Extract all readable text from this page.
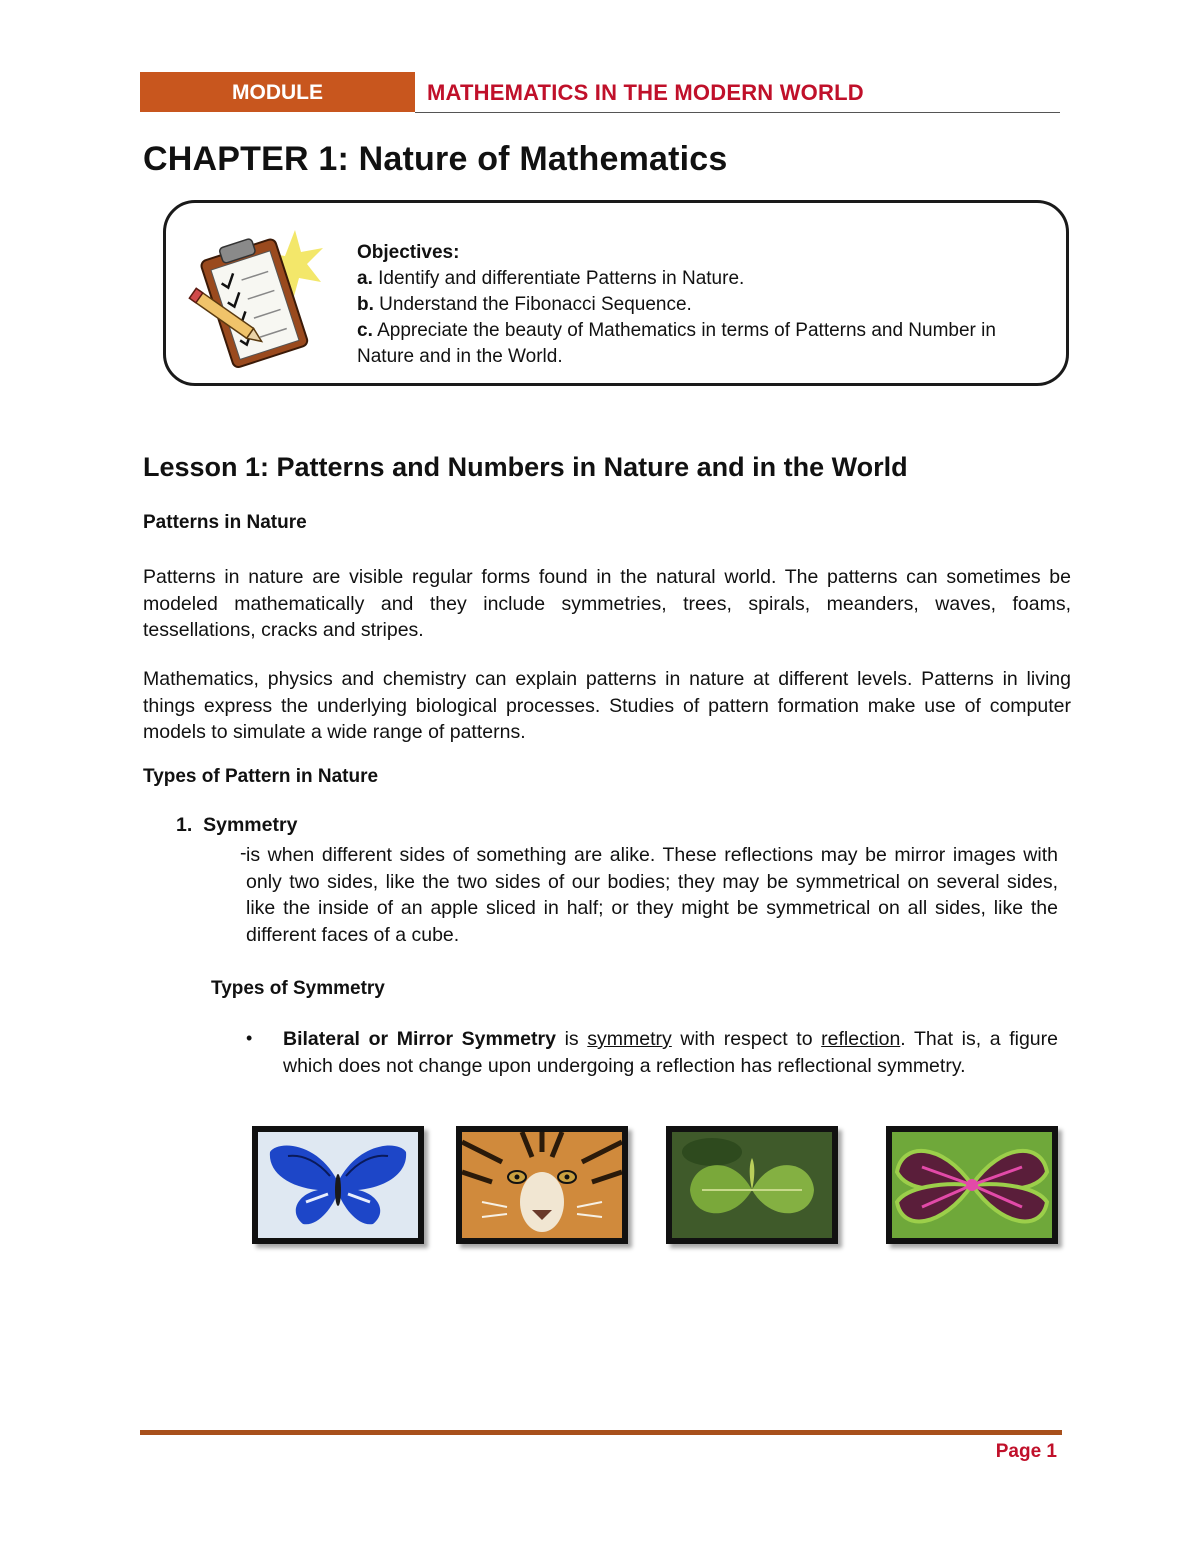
MODULE	MATHEMATICS IN THE MODERN WORLD
CHAPTER 1: Nature of Mathematics
Objectives:
a. Identify and differentiate Patterns in Nature.
b. Understand the Fibonacci Sequence.
c. Appreciate the beauty of Mathematics in terms of Patterns and Number in Nature and in the World.
Lesson 1: Patterns and Numbers in Nature and in the World
Patterns in Nature

Patterns in nature are visible regular forms found in the natural world. The patterns can sometimes be modeled mathematically and they include symmetries, trees, spirals, meanders, waves, foams, tessellations, cracks and stripes.

Mathematics, physics and chemistry can explain patterns in nature at different levels. Patterns in living things express the underlying biological processes. Studies of pattern formation make use of computer models to simulate a wide range of patterns.

Types of Pattern in Nature
1. Symmetry
- is when different sides of something are alike. These reflections may be mirror images with only two sides, like the two sides of our bodies; they may be symmetrical on several sides, like the inside of an apple sliced in half; or they might be symmetrical on all sides, like the different faces of a cube.

Types of Symmetry
• Bilateral or Mirror Symmetry is symmetry with respect to reflection. That is, a figure which does not change upon undergoing a reflection has reflectional symmetry.

Page 1
